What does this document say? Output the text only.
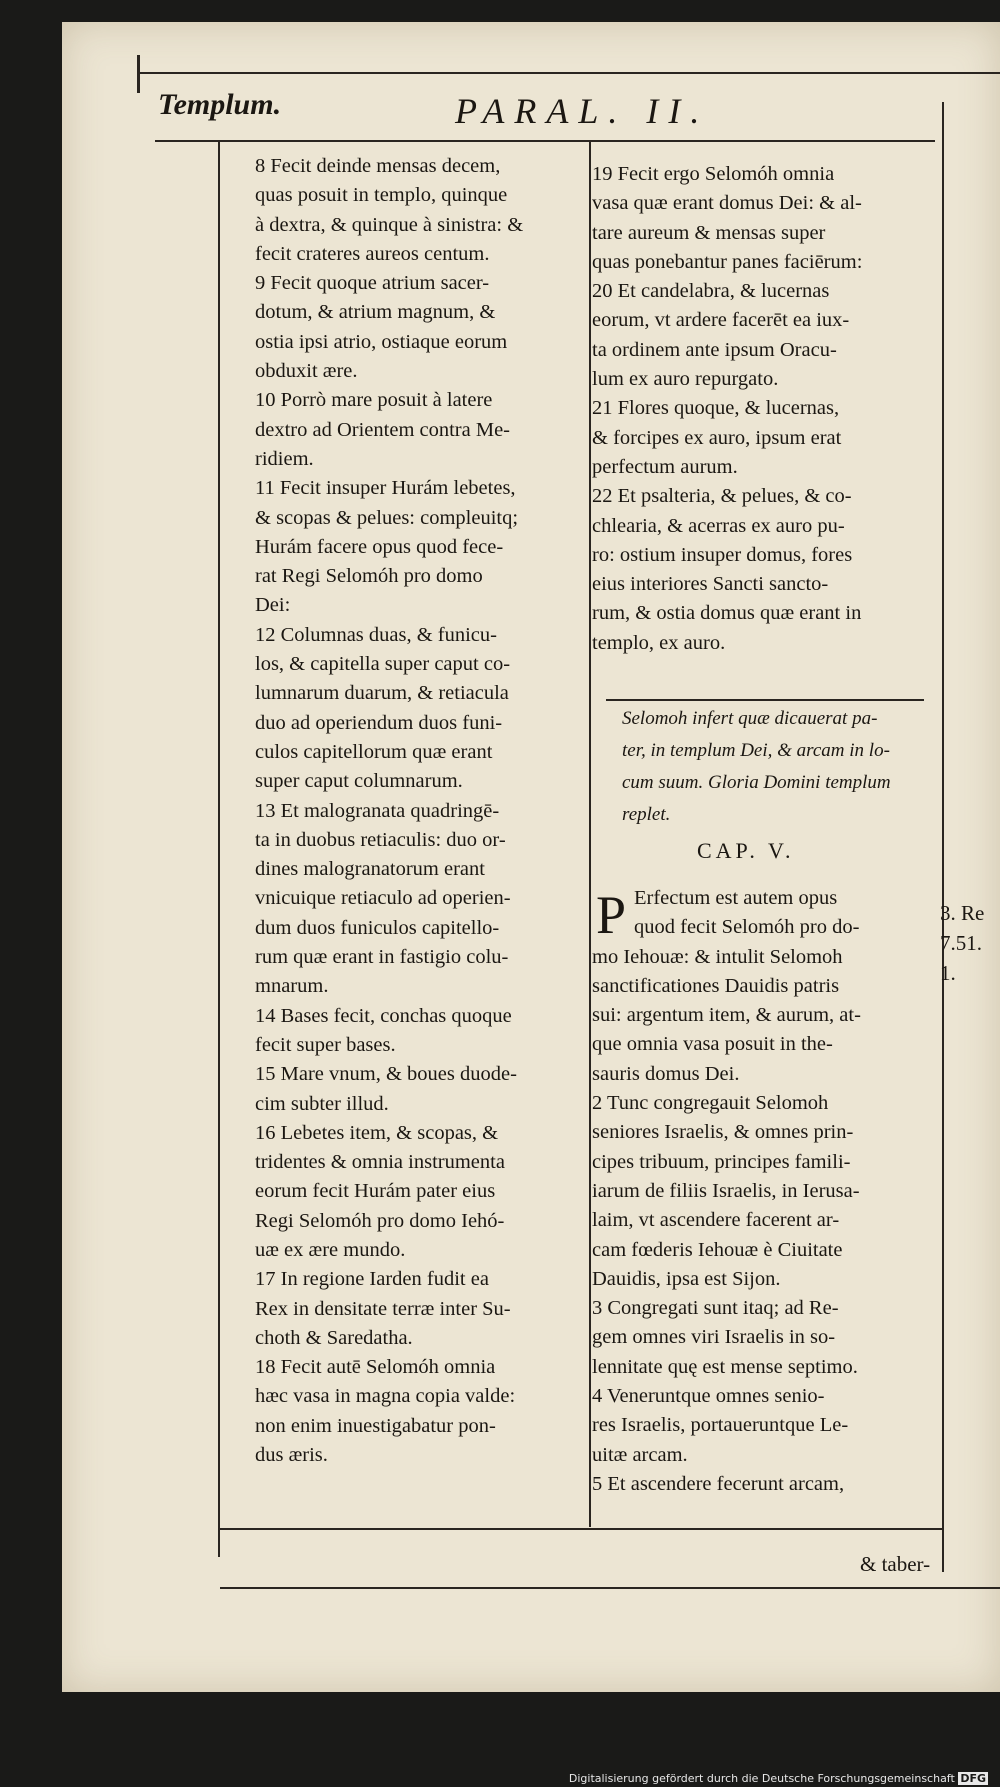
Templum.	PARAL. II.
8 Fecit deinde mensas decem,
quas posuit in templo, quinque
à dextra, & quinque à sinistra: &
fecit crateres aureos centum.
9 Fecit quoque atrium sacer-
dotum, & atrium magnum, &
ostia ipsi atrio, ostiaque eorum
obduxit ære.
10 Porrò mare posuit à latere
dextro ad Orientem contra Me-
ridiem.
11 Fecit insuper Hurám lebetes,
& scopas & pelues: compleuitq;
Hurám facere opus quod fece-
rat Regi Selomóh pro domo
Dei:
12 Columnas duas, & funicu-
los, & capitella super caput co-
lumnarum duarum, & retiacula
duo ad operiendum duos funi-
culos capitellorum quæ erant
super caput columnarum.
13 Et malogranata quadringē-
ta in duobus retiaculis: duo or-
dines malogranatorum erant
vnicuique retiaculo ad operien-
dum duos funiculos capitello-
rum quæ erant in fastigio colu-
mnarum.
14 Bases fecit, conchas quoque
fecit super bases.
15 Mare vnum, & boues duode-
cim subter illud.
16 Lebetes item, & scopas, &
tridentes & omnia instrumenta
eorum fecit Hurám pater eius
Regi Selomóh pro domo Iehó-
uæ ex ære mundo.
17 In regione Iarden fudit ea
Rex in densitate terræ inter Su-
choth & Saredatha.
18 Fecit autē Selomóh omnia
hæc vasa in magna copia valde:
non enim inuestigabatur pon-
dus æris.
19 Fecit ergo Selomóh omnia
vasa quæ erant domus Dei: & al-
tare aureum & mensas super
quas ponebantur panes faciērum:
20 Et candelabra, & lucernas
eorum, vt ardere facerēt ea iux-
ta ordinem ante ipsum Oracu-
lum ex auro repurgato.
21 Flores quoque, & lucernas,
& forcipes ex auro, ipsum erat
perfectum aurum.
22 Et psalteria, & pelues, & co-
chlearia, & acerras ex auro pu-
ro: ostium insuper domus, fores
eius interiores Sancti sancto-
rum, & ostia domus quæ erant in
templo, ex auro.
Selomoh infert quæ dicauerat pa-
ter, in templum Dei, & arcam in lo-
cum suum. Gloria Domini templum
replet.
CAP. V.
P Erfectum est autem opus
quod fecit Selomóh pro do-
mo Iehouæ: & intulit Selomoh
sanctificationes Dauidis patris
sui: argentum item, & aurum, at-
que omnia vasa posuit in the-
sauris domus Dei.
2 Tunc congregauit Selomoh
seniores Israelis, & omnes prin-
cipes tribuum, principes famili-
iarum de filiis Israelis, in Ierusa-
laim, vt ascendere facerent ar-
cam fœderis Iehouæ è Ciuitate
Dauidis, ipsa est Sijon.
3 Congregati sunt itaq; ad Re-
gem omnes viri Israelis in so-
lennitate quę est mense septimo.
4 Veneruntque omnes senio-
res Israelis, portaueruntque Le-
uitæ arcam.
5 Et ascendere fecerunt arcam,
3. Re
7.51.
1.
& taber-
Digitalisierung gefördert durch die Deutsche Forschungsgemeinschaft DFG
